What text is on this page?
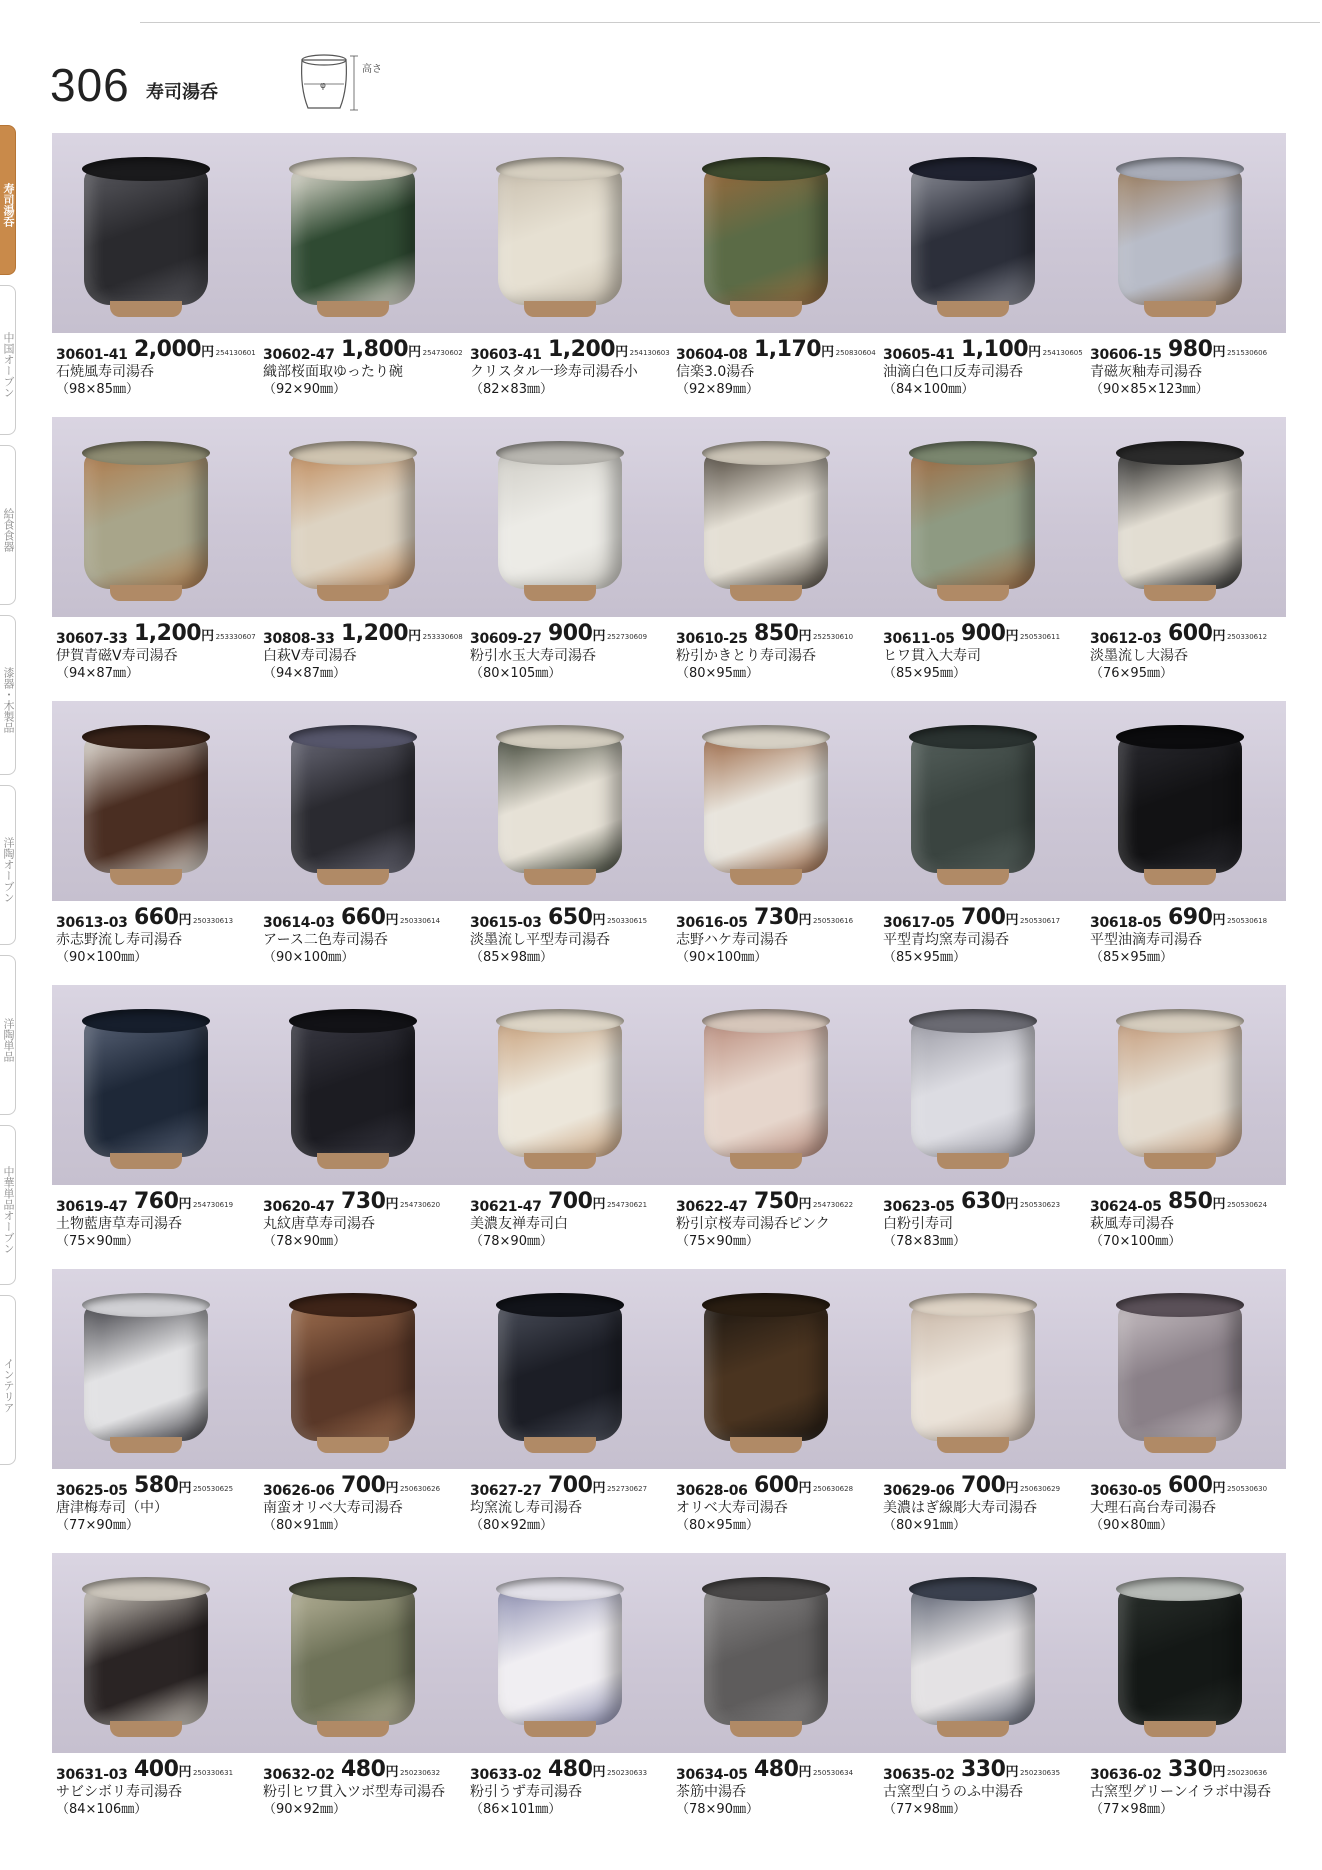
306 寿司湯呑	φ
高さ
寿司湯呑
中国オーブン
給食食器
漆器・木製品
洋陶オーブン
洋陶単品
中華単品オーブン
インテリア
30601-41 2,000円 254130601
石焼風寿司湯呑
（98×85㎜）
30602-47 1,800円 254730602
織部桜面取ゆったり碗
（92×90㎜）
30603-41 1,200円 254130603
クリスタル一珍寿司湯呑小
（82×83㎜）
30604-08 1,170円 250830604
信楽3.0湯呑
（92×89㎜）
30605-41 1,100円 254130605
油滴白色口反寿司湯呑
（84×100㎜）
30606-15 980円 251530606
青磁灰釉寿司湯呑
（90×85×123㎜）
30607-33 1,200円 253330607
伊賀青磁V寿司湯呑
（94×87㎜）
30808-33 1,200円 253330608
白萩V寿司湯呑
（94×87㎜）
30609-27 900円 252730609
粉引水玉大寿司湯呑
（80×105㎜）
30610-25 850円 252530610
粉引かきとり寿司湯呑
（80×95㎜）
30611-05 900円 250530611
ヒワ貫入大寿司
（85×95㎜）
30612-03 600円 250330612
淡墨流し大湯呑
（76×95㎜）
30613-03 660円 250330613
赤志野流し寿司湯呑
（90×100㎜）
30614-03 660円 250330614
アース二色寿司湯呑
（90×100㎜）
30615-03 650円 250330615
淡墨流し平型寿司湯呑
（85×98㎜）
30616-05 730円 250530616
志野ハケ寿司湯呑
（90×100㎜）
30617-05 700円 250530617
平型青均窯寿司湯呑
（85×95㎜）
30618-05 690円 250530618
平型油滴寿司湯呑
（85×95㎜）
30619-47 760円 254730619
土物藍唐草寿司湯呑
（75×90㎜）
30620-47 730円 254730620
丸紋唐草寿司湯呑
（78×90㎜）
30621-47 700円 254730621
美濃友禅寿司白
（78×90㎜）
30622-47 750円 254730622
粉引京桜寿司湯呑ピンク
（75×90㎜）
30623-05 630円 250530623
白粉引寿司
（78×83㎜）
30624-05 850円 250530624
萩風寿司湯呑
（70×100㎜）
30625-05 580円 250530625
唐津梅寿司（中）
（77×90㎜）
30626-06 700円 250630626
南蛮オリベ大寿司湯呑
（80×91㎜）
30627-27 700円 252730627
均窯流し寿司湯呑
（80×92㎜）
30628-06 600円 250630628
オリベ大寿司湯呑
（80×95㎜）
30629-06 700円 250630629
美濃はぎ線彫大寿司湯呑
（80×91㎜）
30630-05 600円 250530630
大理石高台寿司湯呑
（90×80㎜）
30631-03 400円 250330631
サビシボリ寿司湯呑
（84×106㎜）
30632-02 480円 250230632
粉引ヒワ貫入ツボ型寿司湯呑
（90×92㎜）
30633-02 480円 250230633
粉引うず寿司湯呑
（86×101㎜）
30634-05 480円 250530634
茶筋中湯呑
（78×90㎜）
30635-02 330円 250230635
古窯型白うのふ中湯呑
（77×98㎜）
30636-02 330円 250230636
古窯型グリーンイラボ中湯呑
（77×98㎜）
